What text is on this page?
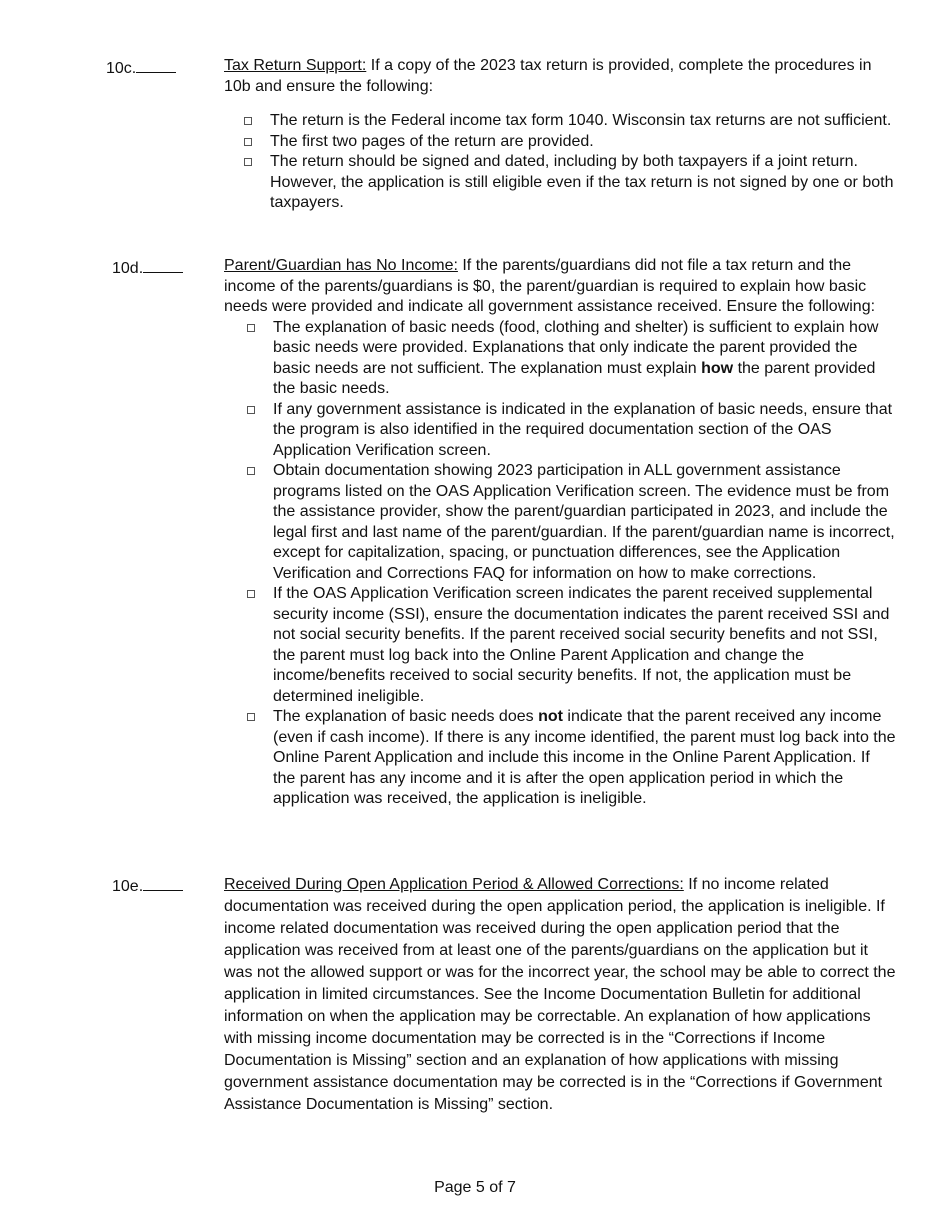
10c.	Tax Return Support: If a copy of the 2023 tax return is provided, complete the procedures in 10b and ensure the following:

The return is the Federal income tax form 1040. Wisconsin tax returns are not sufficient.
The first two pages of the return are provided.
The return should be signed and dated, including by both taxpayers if a joint return. However, the application is still eligible even if the tax return is not signed by one or both taxpayers.
10d.	Parent/Guardian has No Income: If the parents/guardians did not file a tax return and the income of the parents/guardians is $0, the parent/guardian is required to explain how basic needs were provided and indicate all government assistance received. Ensure the following:

The explanation of basic needs (food, clothing and shelter) is sufficient to explain how basic needs were provided. Explanations that only indicate the parent provided the basic needs are not sufficient. The explanation must explain how the parent provided the basic needs.
If any government assistance is indicated in the explanation of basic needs, ensure that the program is also identified in the required documentation section of the OAS Application Verification screen.
Obtain documentation showing 2023 participation in ALL government assistance programs listed on the OAS Application Verification screen. The evidence must be from the assistance provider, show the parent/guardian participated in 2023, and include the legal first and last name of the parent/guardian. If the parent/guardian name is incorrect, except for capitalization, spacing, or punctuation differences, see the Application Verification and Corrections FAQ for information on how to make corrections.
If the OAS Application Verification screen indicates the parent received supplemental security income (SSI), ensure the documentation indicates the parent received SSI and not social security benefits. If the parent received social security benefits and not SSI, the parent must log back into the Online Parent Application and change the income/benefits received to social security benefits. If not, the application must be determined ineligible.
The explanation of basic needs does not indicate that the parent received any income (even if cash income). If there is any income identified, the parent must log back into the Online Parent Application and include this income in the Online Parent Application. If the parent has any income and it is after the open application period in which the application was received, the application is ineligible.
10e.	Received During Open Application Period & Allowed Corrections: If no income related documentation was received during the open application period, the application is ineligible. If income related documentation was received during the open application period that the application was received from at least one of the parents/guardians on the application but it was not the allowed support or was for the incorrect year, the school may be able to correct the application in limited circumstances. See the Income Documentation Bulletin for additional information on when the application may be correctable. An explanation of how applications with missing income documentation may be corrected is in the “Corrections if Income Documentation is Missing” section and an explanation of how applications with missing government assistance documentation may be corrected is in the “Corrections if Government Assistance Documentation is Missing” section.

Page 5 of 7
